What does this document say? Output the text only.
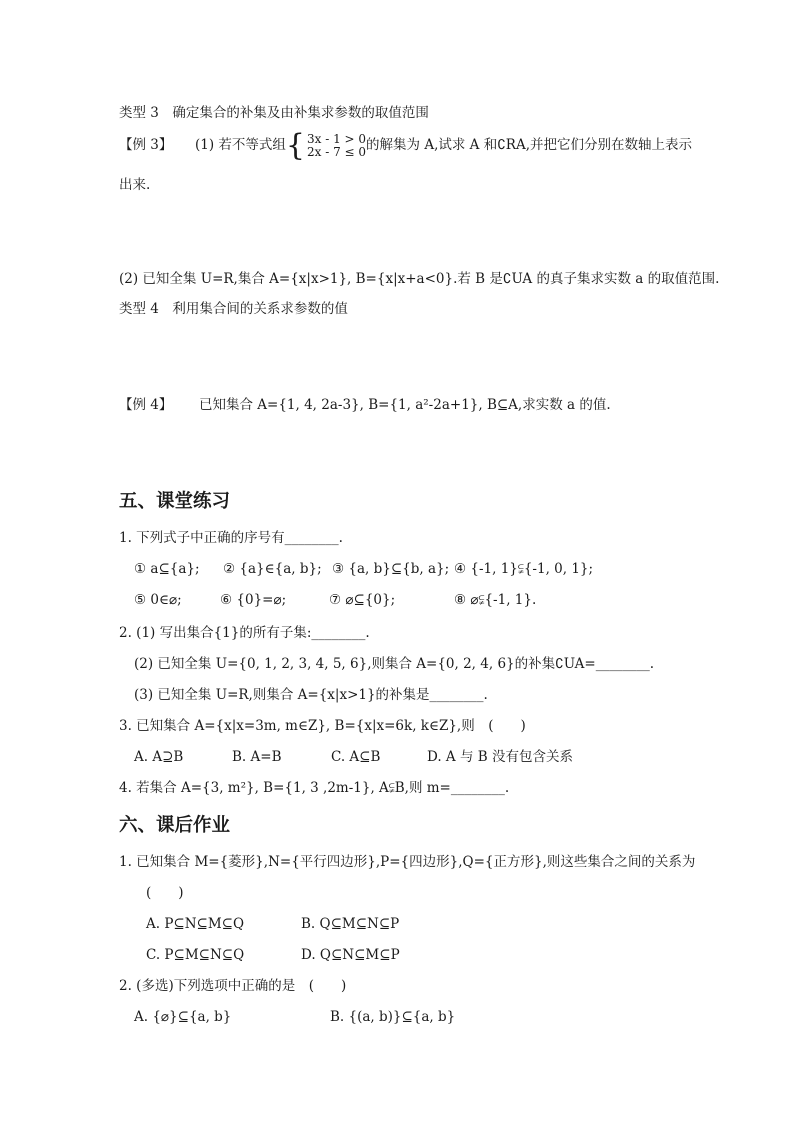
类型 3　确定集合的补集及由补集求参数的取值范围
【例 3】 (1) 若不等式组{ 3x - 1 > 0
2x - 7 ≤ 0的解集为 A,试求 A 和∁RA,并把它们分别在数轴上表示
出来.
(2) 已知全集 U=R,集合 A={x|x>1}, B={x|x+a<0}.若 B 是∁UA 的真子集求实数 a 的取值范围.
类型 4　利用集合间的关系求参数的值
【例 4】 已知集合 A={1, 4, 2a-3}, B={1, a²-2a+1}, B⊆A,求实数 a 的值.
五、课堂练习
1. 下列式子中正确的序号有________.
① a⊆{a}; ② {a}∈{a, b}; ③ {a, b}⊆{b, a}; ④ {-1, 1}⫋{-1, 0, 1};
⑤ 0∈⌀;	⑥ {0}=⌀;	⑦ ⌀⊆{0};	⑧ ⌀⫋{-1, 1}.
2. (1) 写出集合{1}的所有子集:________.
(2) 已知全集 U={0, 1, 2, 3, 4, 5, 6},则集合 A={0, 2, 4, 6}的补集∁UA=________.
(3) 已知全集 U=R,则集合 A={x|x>1}的补集是________.
3. 已知集合 A={x|x=3m, m∈Z}, B={x|x=6k, k∈Z},则　(　　)
A. A⊇B	B. A=B	C. A⊆B	D. A 与 B 没有包含关系
4. 若集合 A={3, m²}, B={1, 3 ,2m-1}, A⫋B,则 m=________.
六、课后作业
1. 已知集合 M={菱形},N={平行四边形},P={四边形},Q={正方形},则这些集合之间的关系为
(　　)
A. P⊆N⊆M⊆Q	B. Q⊆M⊆N⊆P
C. P⊆M⊆N⊆Q	D. Q⊆N⊆M⊆P
2. (多选)下列选项中正确的是　(　　)
A. {⌀}⊆{a, b}	B. {(a, b)}⊆{a, b}
